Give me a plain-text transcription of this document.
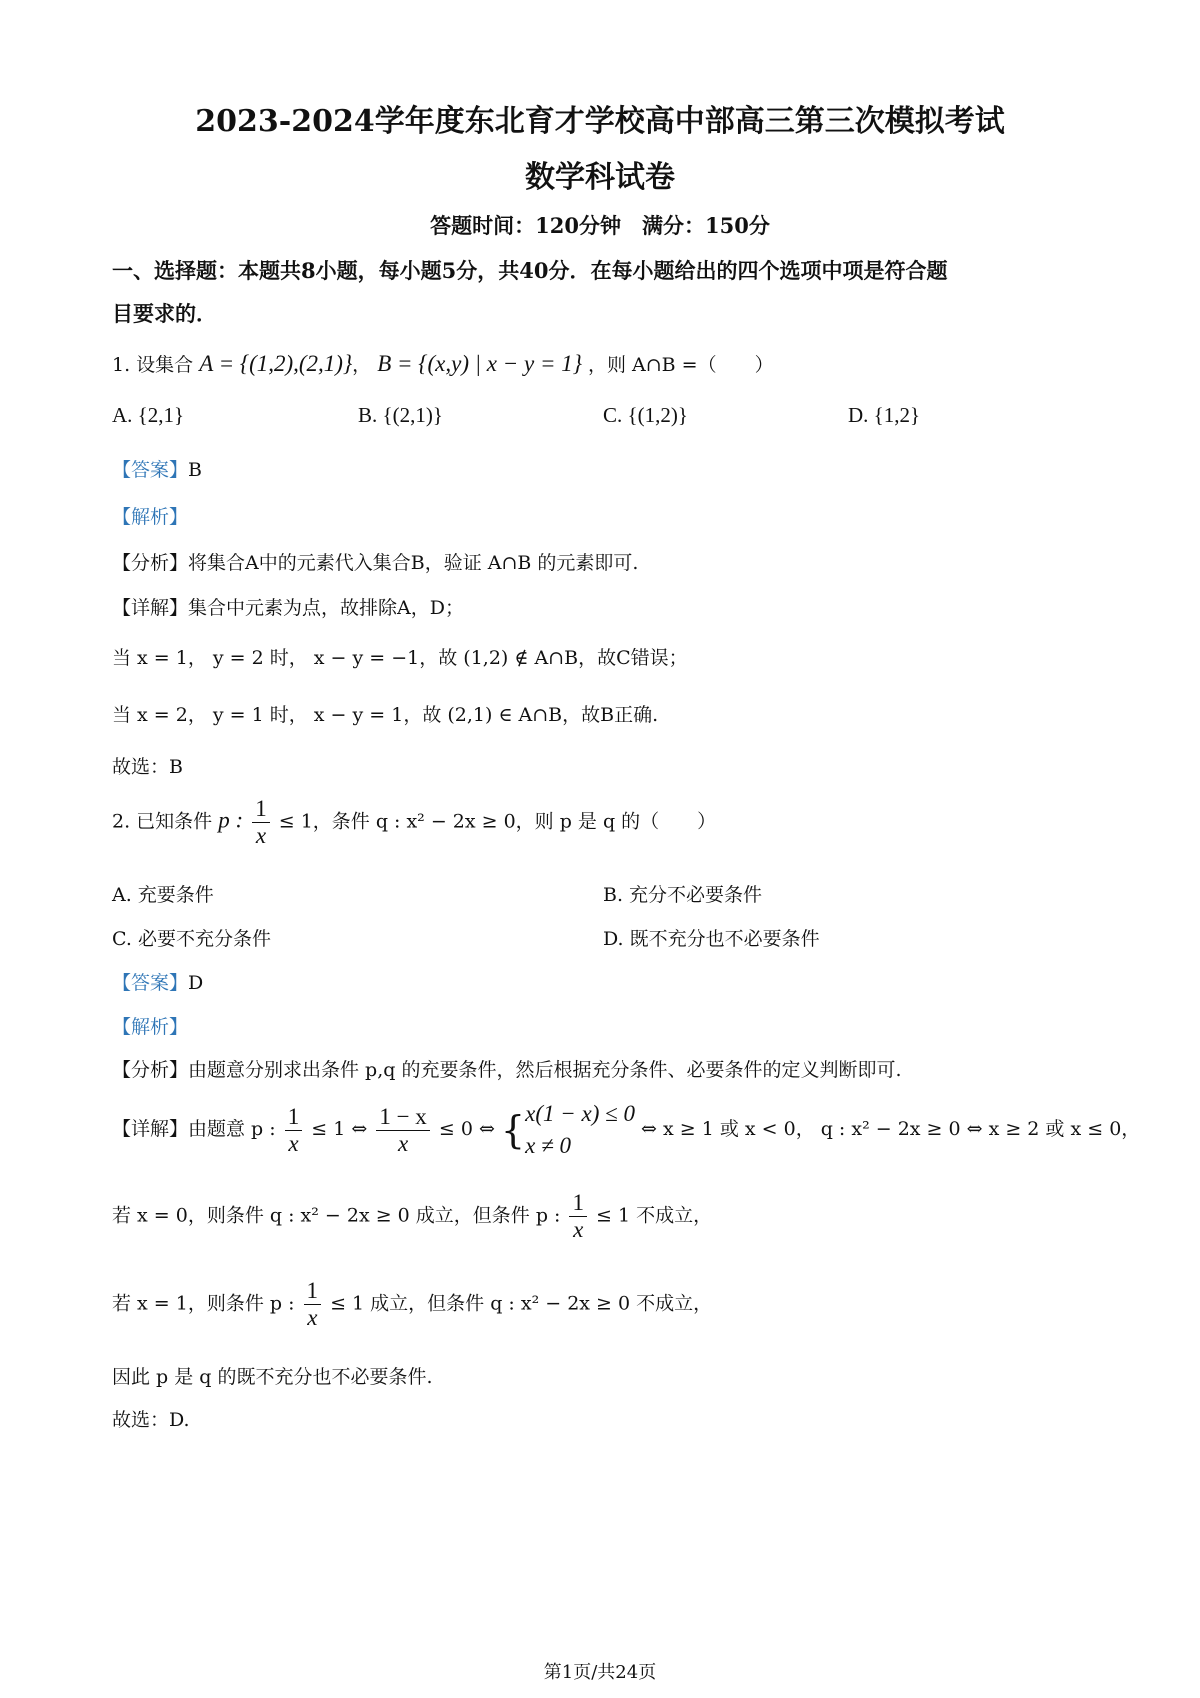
2023-2024学年度东北育才学校高中部高三第三次模拟考试
数学科试卷
答题时间：120分钟　满分：150分
一、选择题：本题共8小题，每小题5分，共40分．在每小题给出的四个选项中项是符合题
目要求的．
1. 设集合 A = {(1,2),(2,1)}， B = {(x,y) | x − y = 1} ，则 A∩B =（　　）
A. {2,1}	B. {(2,1)}	C. {(1,2)}	D. {1,2}
【答案】B
【解析】
【分析】将集合A中的元素代入集合B，验证 A∩B 的元素即可.
【详解】集合中元素为点，故排除A，D；
当 x = 1， y = 2 时， x − y = −1，故 (1,2) ∉ A∩B，故C错误；
当 x = 2， y = 1 时， x − y = 1，故 (2,1) ∈ A∩B，故B正确.
故选：B
2. 已知条件 p : $\frac{1}{x} \le 1$，条件 q : x² − 2x ≥ 0，则 p 是 q 的（　　）
A. 充要条件	B. 充分不必要条件
C. 必要不充分条件	D. 既不充分也不必要条件
【答案】D
【解析】
【分析】由题意分别求出条件 p,q 的充要条件，然后根据充分条件、必要条件的定义判断即可.
【详解】由题意 p : $\frac{1}{x} \le 1$ ⇔ $\frac{1 - x}{x} \le 0$ ⇔ { x(1 − x) ≤ 0
x ≠ 0
⇔ x ≥ 1 或 x < 0， q : x² − 2x ≥ 0 ⇔ x ≥ 2 或 x ≤ 0，
若 x = 0，则条件 q : x² − 2x ≥ 0 成立，但条件 p : $\frac{1}{x} \le 1$ 不成立，
若 x = 1，则条件 p : $\frac{1}{x} \le 1$ 成立，但条件 q : x² − 2x ≥ 0 不成立，
因此 p 是 q 的既不充分也不必要条件.
故选：D.
第1页/共24页
